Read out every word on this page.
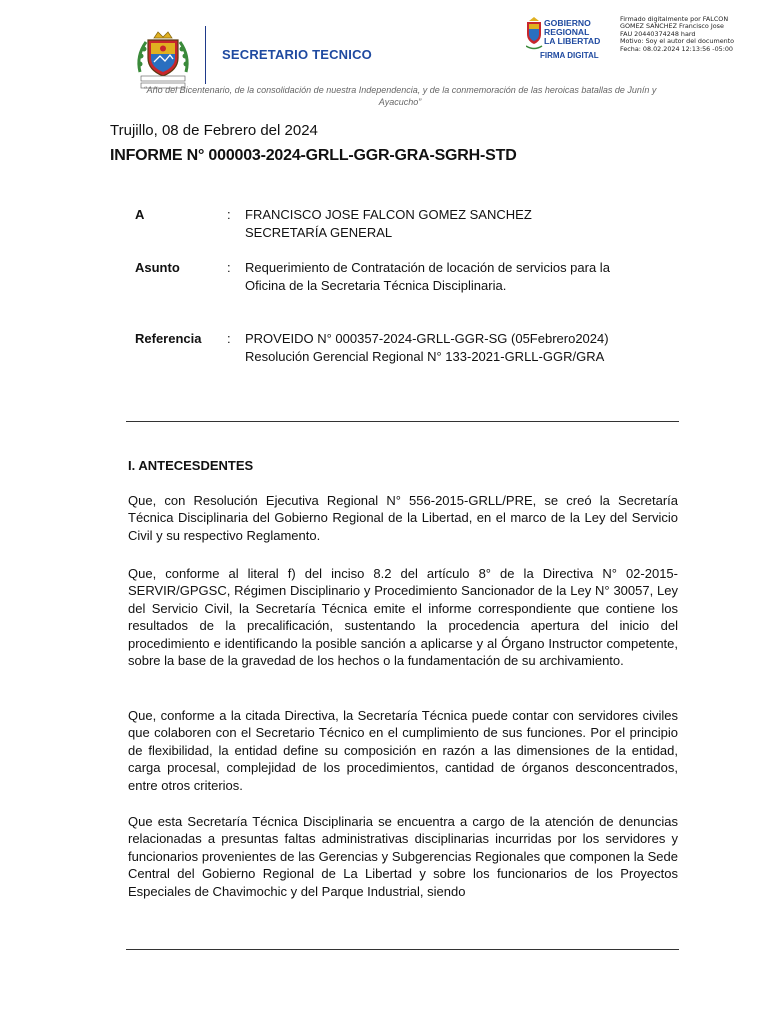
SECRETARIO TECNICO
GOBIERNO
REGIONAL
LA LIBERTAD
FIRMA DIGITAL
Firmado digitalmente por FALCON
GOMEZ SANCHEZ Francisco Jose
FAU 20440374248 hard
Motivo: Soy el autor del documento
Fecha: 08.02.2024 12:13:56 -05:00
“Año del Bicentenario, de la consolidación de nuestra Independencia, y de la conmemoración de las heroicas batallas de Junín y Ayacucho”
Trujillo, 08 de Febrero del 2024
INFORME N° 000003-2024-GRLL-GGR-GRA-SGRH-STD
A	: FRANCISCO JOSE FALCON GOMEZ SANCHEZ
SECRETARÍA GENERAL
Asunto	: Requerimiento de Contratación de locación de servicios para la
Oficina de la Secretaria Técnica Disciplinaria.
Referencia	: PROVEIDO N° 000357-2024-GRLL-GGR-SG (05Febrero2024)
Resolución Gerencial Regional N° 133-2021-GRLL-GGR/GRA
I. ANTECESDENTES
Que, con Resolución Ejecutiva Regional N° 556-2015-GRLL/PRE, se creó la Secretaría Técnica Disciplinaria del Gobierno Regional de la Libertad, en el marco de la Ley del Servicio Civil y su respectivo Reglamento.
Que, conforme al literal f) del inciso 8.2 del artículo 8° de la Directiva N° 02-2015-SERVIR/GPGSC, Régimen Disciplinario y Procedimiento Sancionador de la Ley N° 30057, Ley del Servicio Civil, la Secretaría Técnica emite el informe correspondiente que contiene los resultados de la precalificación, sustentando la procedencia apertura del inicio del procedimiento e identificando la posible sanción a aplicarse y al Órgano Instructor competente, sobre la base de la gravedad de los hechos o la fundamentación de su archivamiento.
Que, conforme a la citada Directiva, la Secretaría Técnica puede contar con servidores civiles que colaboren con el Secretario Técnico en el cumplimiento de sus funciones. Por el principio de flexibilidad, la entidad define su composición en razón a las dimensiones de la entidad, carga procesal, complejidad de los procedimientos, cantidad de órganos desconcentrados, entre otros criterios.
Que esta Secretaría Técnica Disciplinaria se encuentra a cargo de la atención de denuncias relacionadas a presuntas faltas administrativas disciplinarias incurridas por los servidores y funcionarios provenientes de las Gerencias y Subgerencias Regionales que componen la Sede Central del Gobierno Regional de La Libertad y sobre los funcionarios de los Proyectos Especiales de Chavimochic y del Parque Industrial, siendo
